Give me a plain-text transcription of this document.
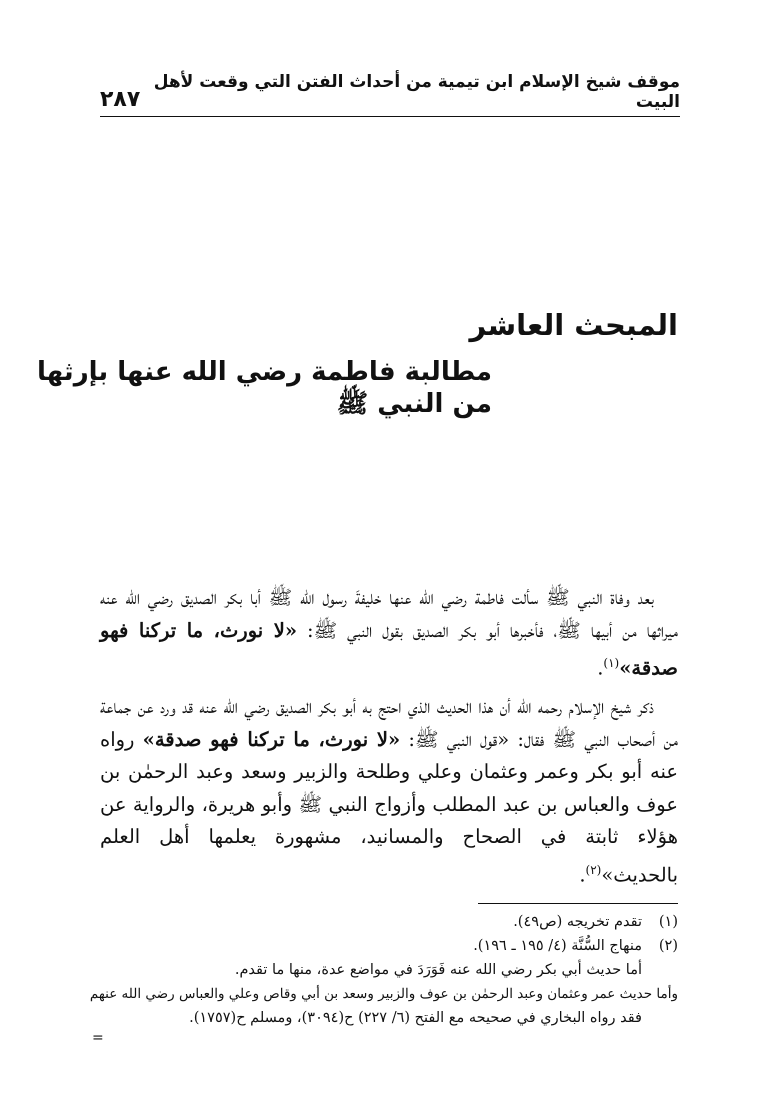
موقف شيخ الإسلام ابن تيمية من أحداث الفتن التي وقعت لأهل البيت
٢٨٧
المبحث العاشر
مطالبة فاطمة رضي الله عنها بإرثها من النبي ﷺ

بعد وفاة النبي ﷺ سألت فاطمة رضي الله عنها خليفةَ رسول الله ﷺ أبا بكر الصديق رضي الله عنه ميراثها من أبيها ﷺ، فأخبرها أبو بكر الصديق بقول النبي ﷺ: «لا نورث، ما تركنا فهو صدقة»$^{(١)}$.

ذكر شيخ الإسلام رحمه الله أن هذا الحديث الذي احتج به أبو بكر الصديق رضي الله عنه قد ورد عن جماعة من أصحاب النبي ﷺ فقال: «قول النبي ﷺ: «لا نورث، ما تركنا فهو صدقة» رواه عنه أبو بكر وعمر وعثمان وعلي وطلحة والزبير وسعد وعبد الرحمٰن بن عوف والعباس بن عبد المطلب وأزواج النبي ﷺ وأبو هريرة، والرواية عن هؤلاء ثابتة في الصحاح والمسانيد، مشهورة يعلمها أهل العلم بالحديث»$^{(٢)}$.

(١)
تقدم تخريجه (ص٤٩).
(٢)
منهاج السُّنَّة (٤/ ١٩٥ ـ ١٩٦).
أما حديث أبي بكر رضي الله عنه فَوَرَدَ في مواضع عدة، منها ما تقدم.
وأما حديث عمر وعثمان وعبد الرحمٰن بن عوف والزبير وسعد بن أبي وقاص وعلي والعباس رضي الله عنهم
فقد رواه البخاري في صحيحه مع الفتح (٦/ ٢٢٧) ح(٣٠٩٤)، ومسلم ح(١٧٥٧).
=
